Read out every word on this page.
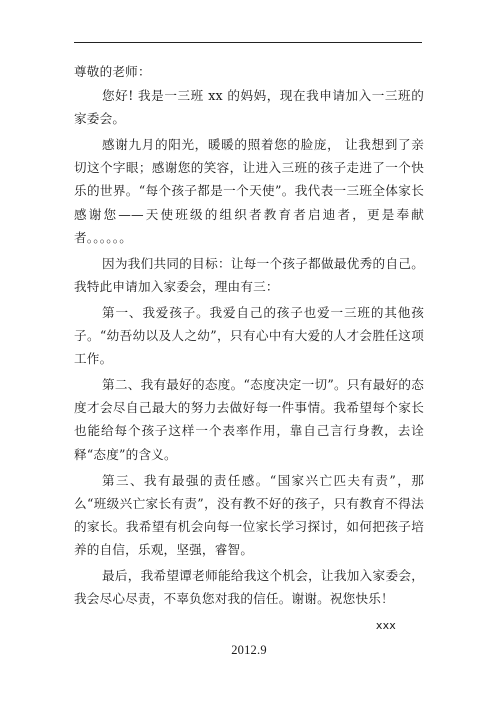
尊敬的老师：

您好! 我是一三班 xx 的妈妈，现在我申请加入一三班的家委会。

感谢九月的阳光，暖暖的照着您的脸庞， 让我想到了亲切这个字眼；感谢您的笑容，让进入三班的孩子走进了一个快乐的世界。“每个孩子都是一个天使”。我代表一三班全体家长感谢您——天使班级的组织者教育者启迪者，更是奉献者。。。。。。

因为我们共同的目标：让每一个孩子都做最优秀的自己。我特此申请加入家委会，理由有三：

第一、我爱孩子。我爱自己的孩子也爱一三班的其他孩子。“幼吾幼以及人之幼”，只有心中有大爱的人才会胜任这项工作。

第二、我有最好的态度。“态度决定一切”。只有最好的态度才会尽自己最大的努力去做好每一件事情。我希望每个家长也能给每个孩子这样一个表率作用，靠自己言行身教，去诠释“态度”的含义。

第三、我有最强的责任感。“国家兴亡匹夫有责”，那么“班级兴亡家长有责”，没有教不好的孩子，只有教育不得法的家长。我希望有机会向每一位家长学习探讨，如何把孩子培养的自信，乐观，坚强，睿智。

最后，我希望谭老师能给我这个机会，让我加入家委会，我会尽心尽责，不辜负您对我的信任。谢谢。祝您快乐！

xxx

2012.9
